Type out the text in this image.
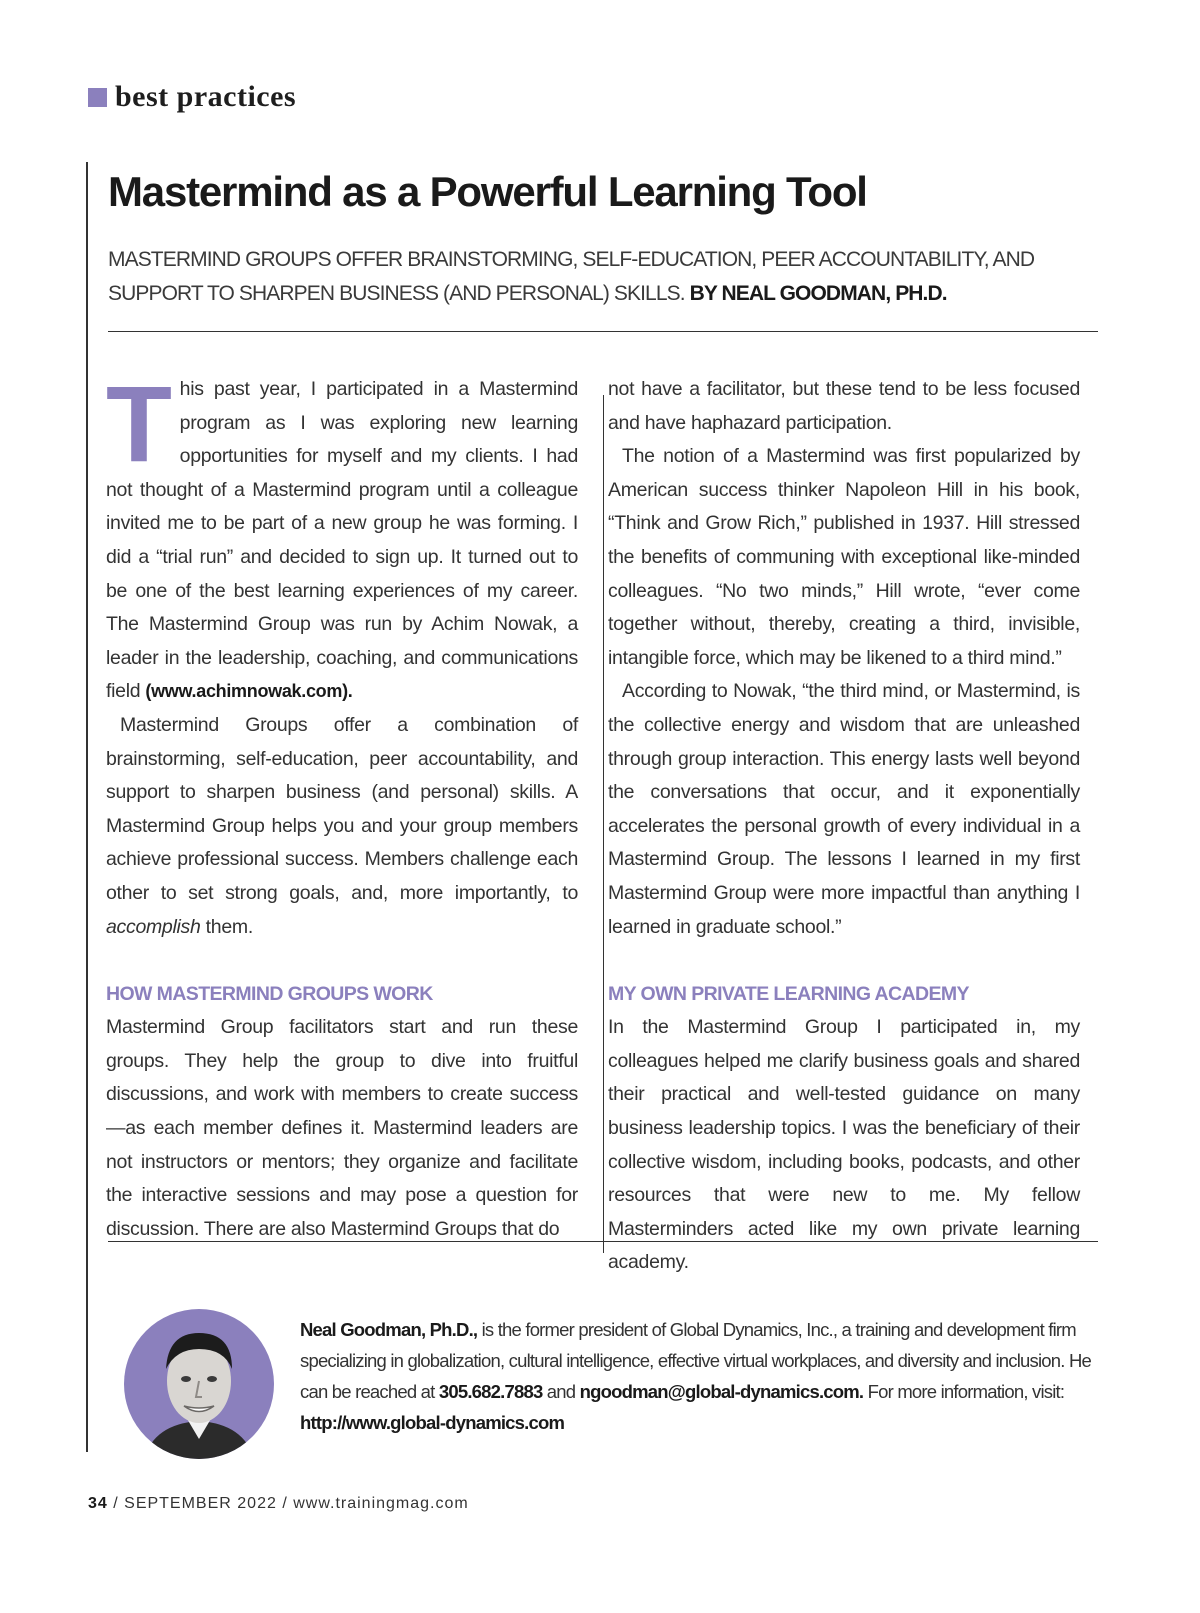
best practices
Mastermind as a Powerful Learning Tool

MASTERMIND GROUPS OFFER BRAINSTORMING, SELF-EDUCATION, PEER ACCOUNTABILITY, AND SUPPORT TO SHARPEN BUSINESS (AND PERSONAL) SKILLS. BY NEAL GOODMAN, PH.D.

T his past year, I participated in a Mastermind program as I was exploring new learning opportunities for myself and my clients. I had not thought of a Mastermind program until a colleague invited me to be part of a new group he was forming. I did a “trial run” and decided to sign up. It turned out to be one of the best learning experiences of my career. The Mastermind Group was run by Achim Nowak, a leader in the leadership, coaching, and communications field (www.achimnowak.com).

Mastermind Groups offer a combination of brainstorming, self-education, peer accountability, and support to sharpen business (and personal) skills. A Mastermind Group helps you and your group members achieve professional success. Members challenge each other to set strong goals, and, more importantly, to accomplish them.

HOW MASTERMIND GROUPS WORK

Mastermind Group facilitators start and run these groups. They help the group to dive into fruitful discussions, and work with members to create success—as each member defines it. Mastermind leaders are not instructors or mentors; they organize and facilitate the interactive sessions and may pose a question for discussion. There are also Mastermind Groups that do

not have a facilitator, but these tend to be less focused and have haphazard participation.

The notion of a Mastermind was first popularized by American success thinker Napoleon Hill in his book, “Think and Grow Rich,” published in 1937. Hill stressed the benefits of communing with exceptional like-minded colleagues. “No two minds,” Hill wrote, “ever come together without, thereby, creating a third, invisible, intangible force, which may be likened to a third mind.”

According to Nowak, “the third mind, or Mastermind, is the collective energy and wisdom that are unleashed through group interaction. This energy lasts well beyond the conversations that occur, and it exponentially accelerates the personal growth of every individual in a Mastermind Group. The lessons I learned in my first Mastermind Group were more impactful than anything I learned in graduate school.”

MY OWN PRIVATE LEARNING ACADEMY

In the Mastermind Group I participated in, my colleagues helped me clarify business goals and shared their practical and well-tested guidance on many business leadership topics. I was the beneficiary of their collective wisdom, including books, podcasts, and other resources that were new to me. My fellow Masterminders acted like my own private learning academy.

Neal Goodman, Ph.D., is the former president of Global Dynamics, Inc., a training and development firm specializing in globalization, cultural intelligence, effective virtual workplaces, and diversity and inclusion. He can be reached at 305.682.7883 and ngoodman@global-dynamics.com. For more information, visit: http://www.global-dynamics.com
34 / SEPTEMBER 2022 / www.trainingmag.com
